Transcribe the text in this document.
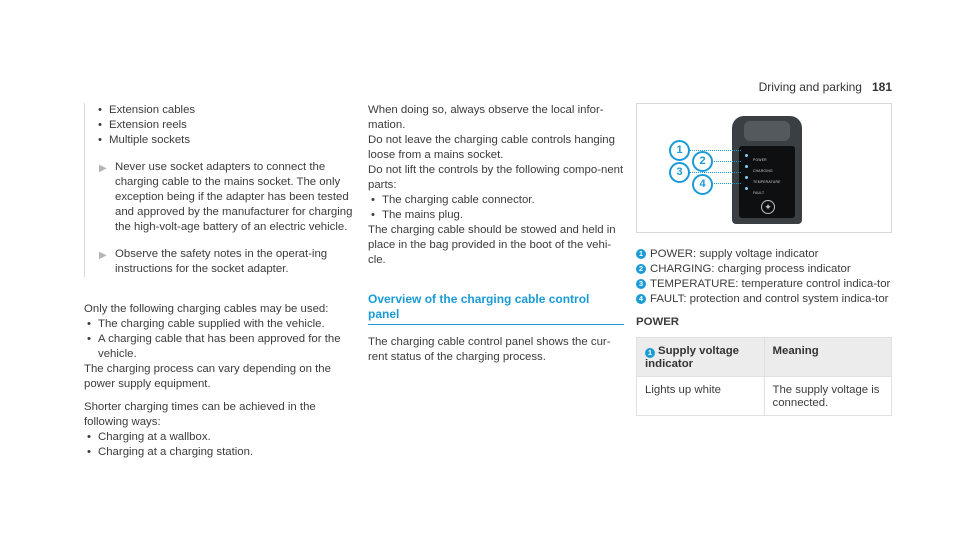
Driving and parking 181
• Extension cables
• Extension reels
• Multiple sockets
▶ Never use socket adapters to connect the charging cable to the mains socket. The only exception being if the adapter has been tested and approved by the manufacturer for charging the high-volt-age battery of an electric vehicle.

▶ Observe the safety notes in the operat-ing instructions for the socket adapter.

Only the following charging cables may be used:

• The charging cable supplied with the vehicle.
• A charging cable that has been approved for the vehicle.

The charging process can vary depending on the power supply equipment.

Shorter charging times can be achieved in the following ways:

• Charging at a wallbox.
• Charging at a charging station.

When doing so, always observe the local infor-mation.

Do not leave the charging cable controls hanging loose from a mains socket.

Do not lift the controls by the following compo-nent parts:

• The charging cable connector.
• The mains plug.

The charging cable should be stowed and held in place in the bag provided in the boot of the vehi-cle.

Overview of the charging cable control panel

The charging cable control panel shows the cur-rent status of the charging process.

POWER
CHARGING
TEMPERATURE
FAULT
✦
1
2
3
4
1 POWER: supply voltage indicator
2 CHARGING: charging process indicator
3 TEMPERATURE: temperature control indica-tor
4 FAULT: protection and control system indica-tor
POWER
1 Supply voltage indicator	Meaning
Lights up white	The supply voltage is connected.
